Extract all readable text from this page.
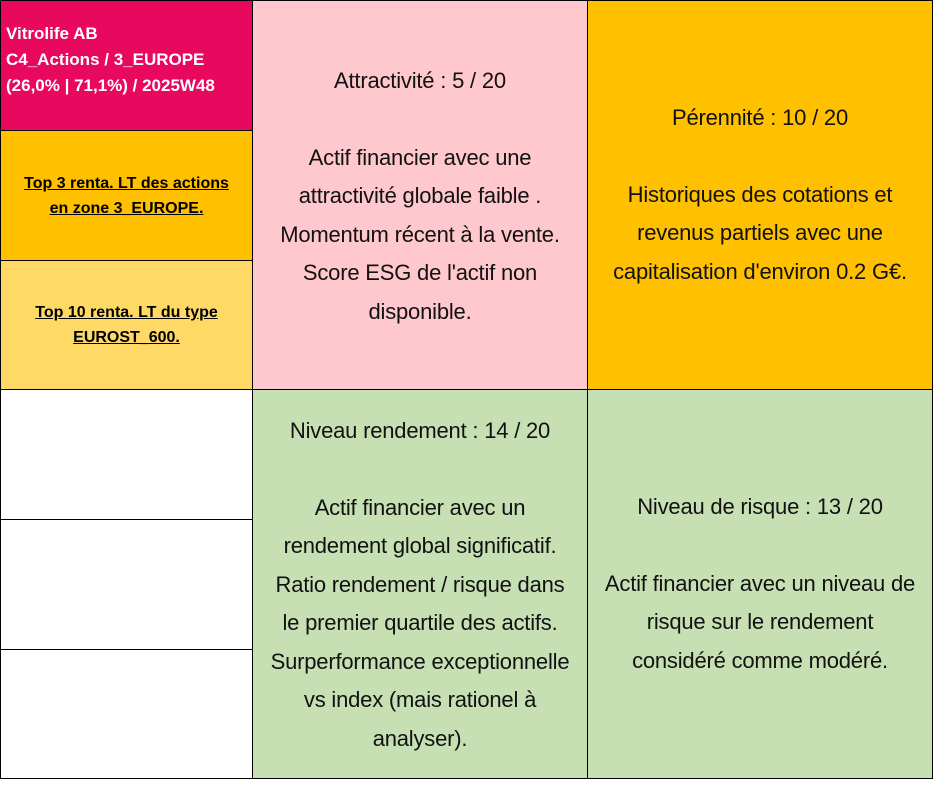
Vitrolife AB
C4_Actions / 3_EUROPE
(26,0% | 71,1%) / 2025W48
Top 3 renta. LT des actions
en zone 3_EUROPE.
Top 10 renta. LT du type
EUROST_600.
Attractivité : 5 / 20
Actif financier avec une
attractivité globale faible .
Momentum récent à la vente.
Score ESG de l'actif non
disponible.
Pérennité : 10 / 20
Historiques des cotations et
revenus partiels avec une
capitalisation d'environ 0.2 G€.
Niveau rendement : 14 / 20
Actif financier avec un
rendement global significatif.
Ratio rendement / risque dans
le premier quartile des actifs.
Surperformance exceptionnelle
vs index (mais rationel à
analyser).
Niveau de risque : 13 / 20
Actif financier avec un niveau de
risque sur le rendement
considéré comme modéré.
